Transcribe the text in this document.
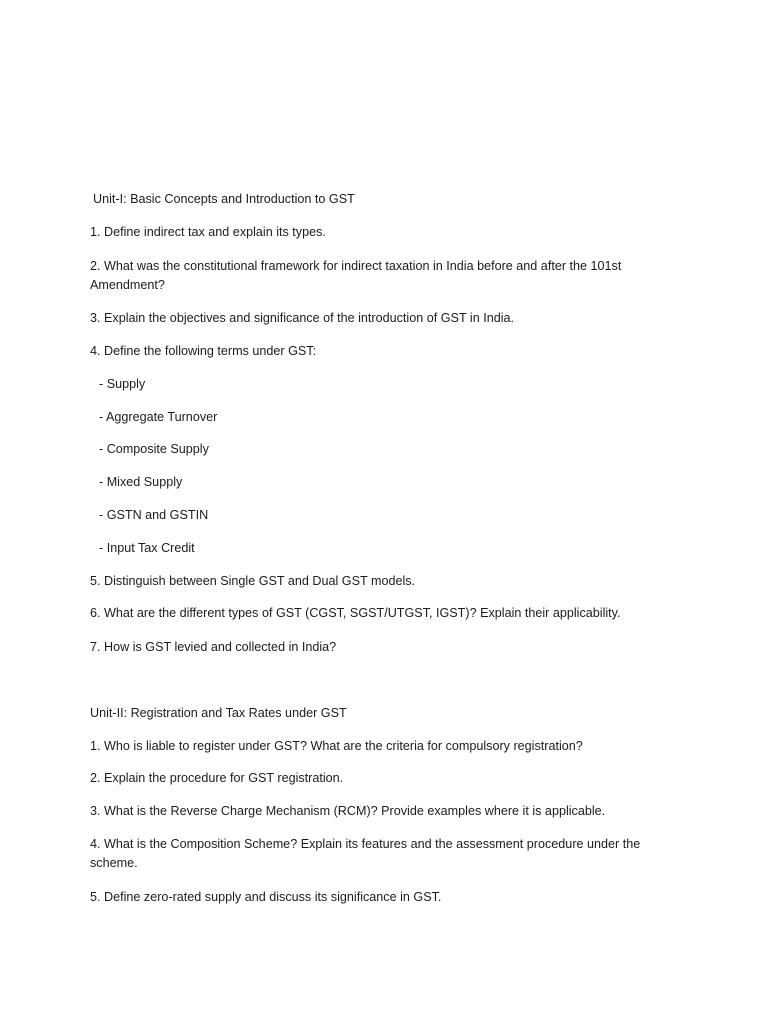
Unit-I: Basic Concepts and Introduction to GST

1. Define indirect tax and explain its types.

2. What was the constitutional framework for indirect taxation in India before and after the 101st Amendment?

3. Explain the objectives and significance of the introduction of GST in India.

4. Define the following terms under GST:

- Supply

- Aggregate Turnover

- Composite Supply

- Mixed Supply

- GSTN and GSTIN

- Input Tax Credit

5. Distinguish between Single GST and Dual GST models.

6. What are the different types of GST (CGST, SGST/UTGST, IGST)? Explain their applicability.

7. How is GST levied and collected in India?

Unit-II: Registration and Tax Rates under GST

1. Who is liable to register under GST? What are the criteria for compulsory registration?

2. Explain the procedure for GST registration.

3. What is the Reverse Charge Mechanism (RCM)? Provide examples where it is applicable.

4. What is the Composition Scheme? Explain its features and the assessment procedure under the scheme.

5. Define zero-rated supply and discuss its significance in GST.
